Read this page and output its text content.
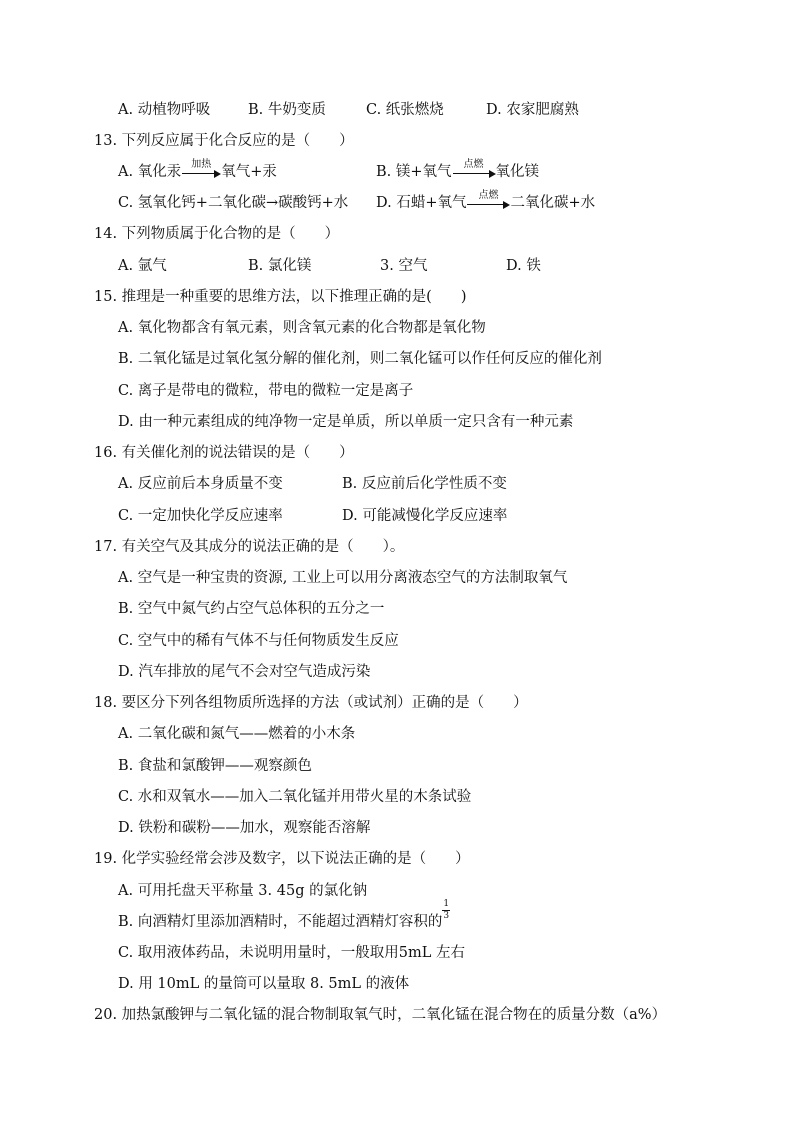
A. 动植物呼吸	B. 牛奶变质	C. 纸张燃烧	D. 农家肥腐熟
13. 下列反应属于化合反应的是（　　）
A. 氧化汞	加热 氧气+汞	B. 镁+氧气	点燃 氧化镁
C. 氢氧化钙+二氧化碳→碳酸钙+水 D. 石蜡+氧气	点燃 二氧化碳+水
14. 下列物质属于化合物的是（　　）
A. 氩气	B. 氯化镁	3. 空气	D. 铁
15. 推理是一种重要的思维方法，以下推理正确的是(　　)
A. 氧化物都含有氧元素，则含氧元素的化合物都是氧化物
B. 二氧化锰是过氧化氢分解的催化剂，则二氧化锰可以作任何反应的催化剂
C. 离子是带电的微粒，带电的微粒一定是离子
D. 由一种元素组成的纯净物一定是单质，所以单质一定只含有一种元素
16. 有关催化剂的说法错误的是（　　）
A. 反应前后本身质量不变	B. 反应前后化学性质不变
C. 一定加快化学反应速率	D. 可能减慢化学反应速率
17. 有关空气及其成分的说法正确的是（　　）。
A. 空气是一种宝贵的资源, 工业上可以用分离液态空气的方法制取氧气
B. 空气中氮气约占空气总体积的五分之一
C. 空气中的稀有气体不与任何物质发生反应
D. 汽车排放的尾气不会对空气造成污染
18. 要区分下列各组物质所选择的方法（或试剂）正确的是（　　）
A. 二氧化碳和氮气——燃着的小木条
B. 食盐和氯酸钾——观察颜色
C. 水和双氧水——加入二氧化锰并用带火星的木条试验
D. 铁粉和碳粉——加水，观察能否溶解
19. 化学实验经常会涉及数字，以下说法正确的是（　　）
A. 可用托盘天平称量 3. 45g 的氯化钠
B. 向酒精灯里添加酒精时，不能超过酒精灯容积的 $\frac{1}{3}$
C. 取用液体药品，未说明用量时，一般取用5mL 左右
D. 用 10mL 的量筒可以量取 8. 5mL 的液体
20. 加热氯酸钾与二氧化锰的混合物制取氧气时，二氧化锰在混合物在的质量分数（a%）
